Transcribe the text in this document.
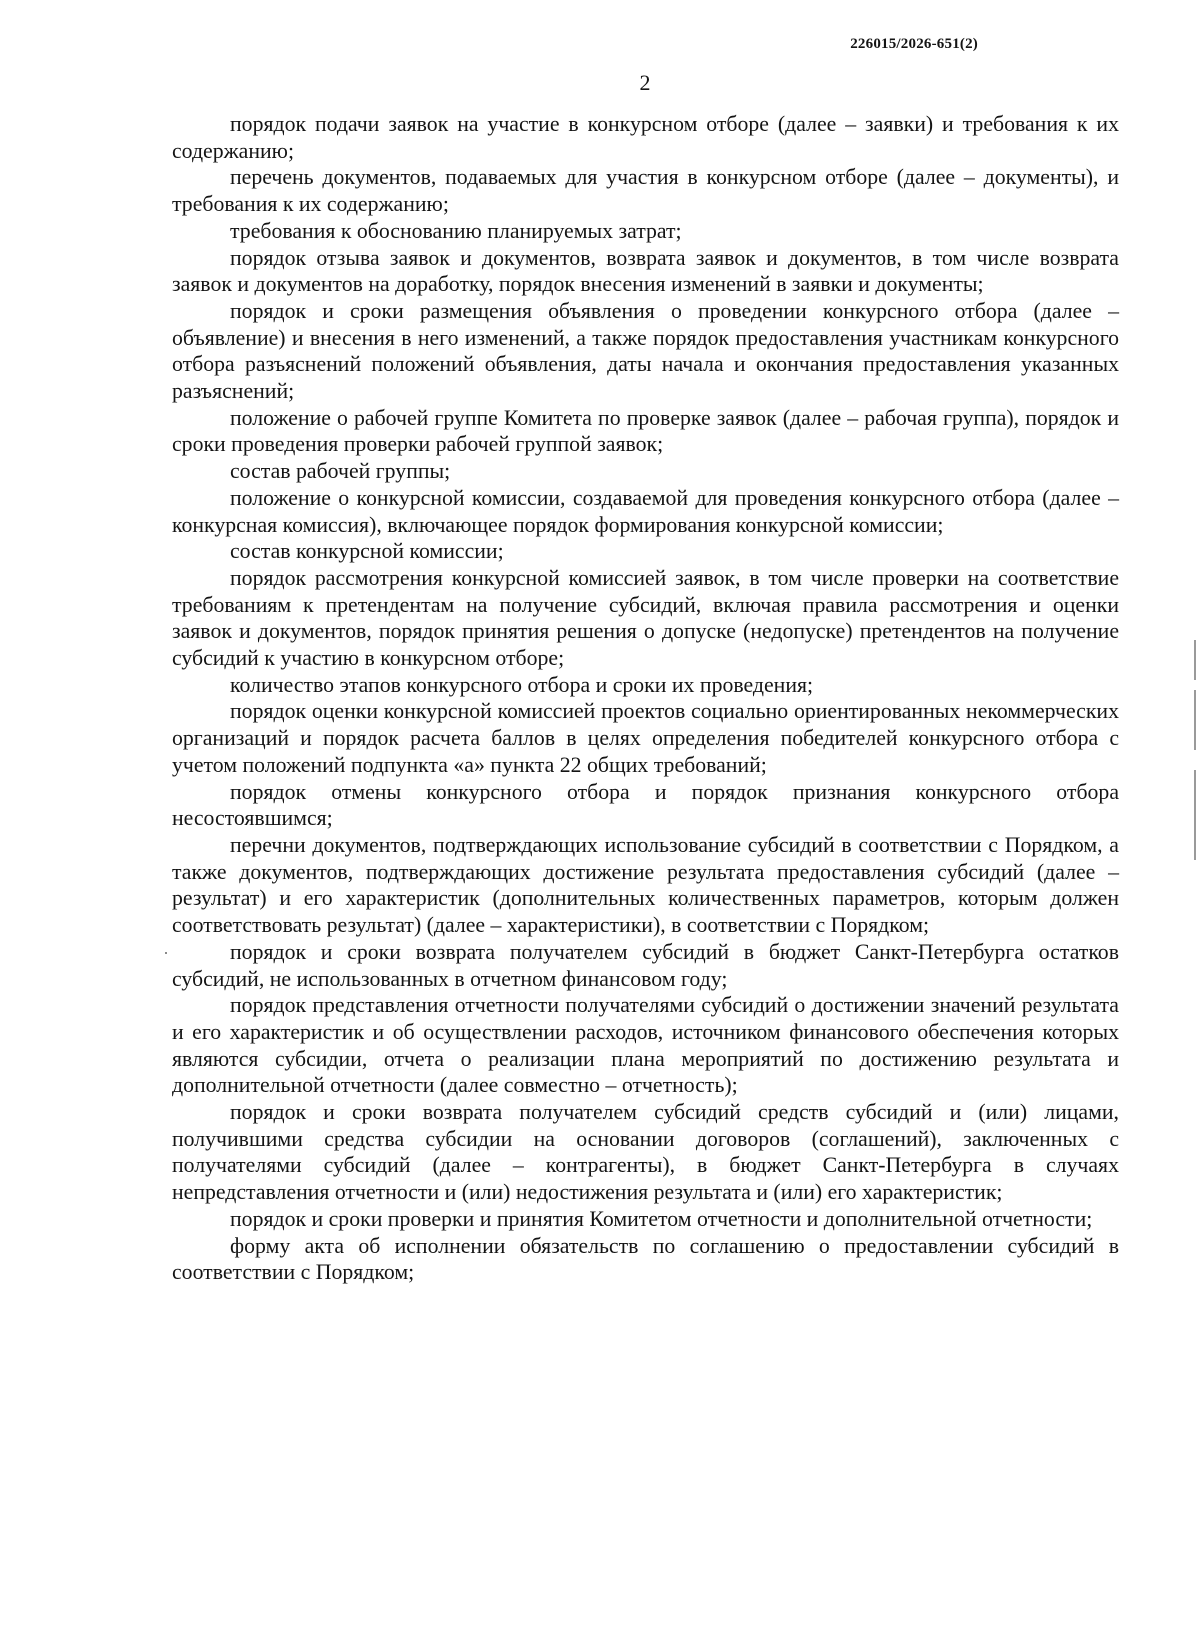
226015/2026-651(2)
2

порядок подачи заявок на участие в конкурсном отборе (далее – заявки) и требования к их содержанию;

перечень документов, подаваемых для участия в конкурсном отборе (далее – документы), и требования к их содержанию;

требования к обоснованию планируемых затрат;

порядок отзыва заявок и документов, возврата заявок и документов, в том числе возврата заявок и документов на доработку, порядок внесения изменений в заявки и документы;

порядок и сроки размещения объявления о проведении конкурсного отбора (далее – объявление) и внесения в него изменений, а также порядок предоставления участникам конкурсного отбора разъяснений положений объявления, даты начала и окончания предоставления указанных разъяснений;

положение о рабочей группе Комитета по проверке заявок (далее – рабочая группа), порядок и сроки проведения проверки рабочей группой заявок;

состав рабочей группы;

положение о конкурсной комиссии, создаваемой для проведения конкурсного отбора (далее – конкурсная комиссия), включающее порядок формирования конкурсной комиссии;

состав конкурсной комиссии;

порядок рассмотрения конкурсной комиссией заявок, в том числе проверки на соответствие требованиям к претендентам на получение субсидий, включая правила рассмотрения и оценки заявок и документов, порядок принятия решения о допуске (недопуске) претендентов на получение субсидий к участию в конкурсном отборе;

количество этапов конкурсного отбора и сроки их проведения;

порядок оценки конкурсной комиссией проектов социально ориентированных некоммерческих организаций и порядок расчета баллов в целях определения победителей конкурсного отбора с учетом положений подпункта «а» пункта 22 общих требований;

порядок отмены конкурсного отбора и порядок признания конкурсного отбора несостоявшимся;

перечни документов, подтверждающих использование субсидий в соответствии с Порядком, а также документов, подтверждающих достижение результата предоставления субсидий (далее – результат) и его характеристик (дополнительных количественных параметров, которым должен соответствовать результат) (далее – характеристики), в соответствии с Порядком;

порядок и сроки возврата получателем субсидий в бюджет Санкт-Петербурга остатков субсидий, не использованных в отчетном финансовом году;

порядок представления отчетности получателями субсидий о достижении значений результата и его характеристик и об осуществлении расходов, источником финансового обеспечения которых являются субсидии, отчета о реализации плана мероприятий по достижению результата и дополнительной отчетности (далее совместно – отчетность);

порядок и сроки возврата получателем субсидий средств субсидий и (или) лицами, получившими средства субсидии на основании договоров (соглашений), заключенных с получателями субсидий (далее – контрагенты), в бюджет Санкт-Петербурга в случаях непредставления отчетности и (или) недостижения результата и (или) его характеристик;

порядок и сроки проверки и принятия Комитетом отчетности и дополнительной отчетности;

форму акта об исполнении обязательств по соглашению о предоставлении субсидий в соответствии с Порядком;
